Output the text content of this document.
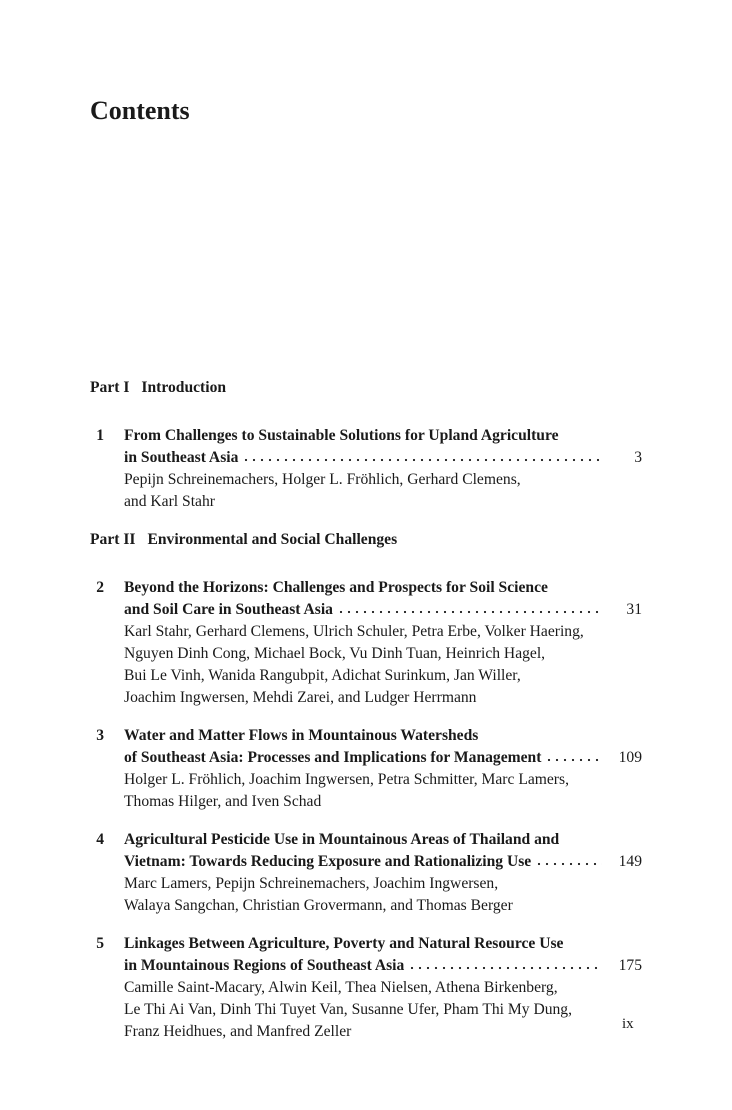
Contents
Part I Introduction
1	From Challenges to Sustainable Solutions for Upland Agriculture
in Southeast Asia	3
Pepijn Schreinemachers, Holger L. Fröhlich, Gerhard Clemens,
and Karl Stahr
Part II Environmental and Social Challenges
2	Beyond the Horizons: Challenges and Prospects for Soil Science
and Soil Care in Southeast Asia	31
Karl Stahr, Gerhard Clemens, Ulrich Schuler, Petra Erbe, Volker Haering,
Nguyen Dinh Cong, Michael Bock, Vu Dinh Tuan, Heinrich Hagel,
Bui Le Vinh, Wanida Rangubpit, Adichat Surinkum, Jan Willer,
Joachim Ingwersen, Mehdi Zarei, and Ludger Herrmann
3	Water and Matter Flows in Mountainous Watersheds
of Southeast Asia: Processes and Implications for Management	109
Holger L. Fröhlich, Joachim Ingwersen, Petra Schmitter, Marc Lamers,
Thomas Hilger, and Iven Schad
4	Agricultural Pesticide Use in Mountainous Areas of Thailand and
Vietnam: Towards Reducing Exposure and Rationalizing Use	149
Marc Lamers, Pepijn Schreinemachers, Joachim Ingwersen,
Walaya Sangchan, Christian Grovermann, and Thomas Berger
5	Linkages Between Agriculture, Poverty and Natural Resource Use
in Mountainous Regions of Southeast Asia	175
Camille Saint-Macary, Alwin Keil, Thea Nielsen, Athena Birkenberg,
Le Thi Ai Van, Dinh Thi Tuyet Van, Susanne Ufer, Pham Thi My Dung,
Franz Heidhues, and Manfred Zeller	ix
